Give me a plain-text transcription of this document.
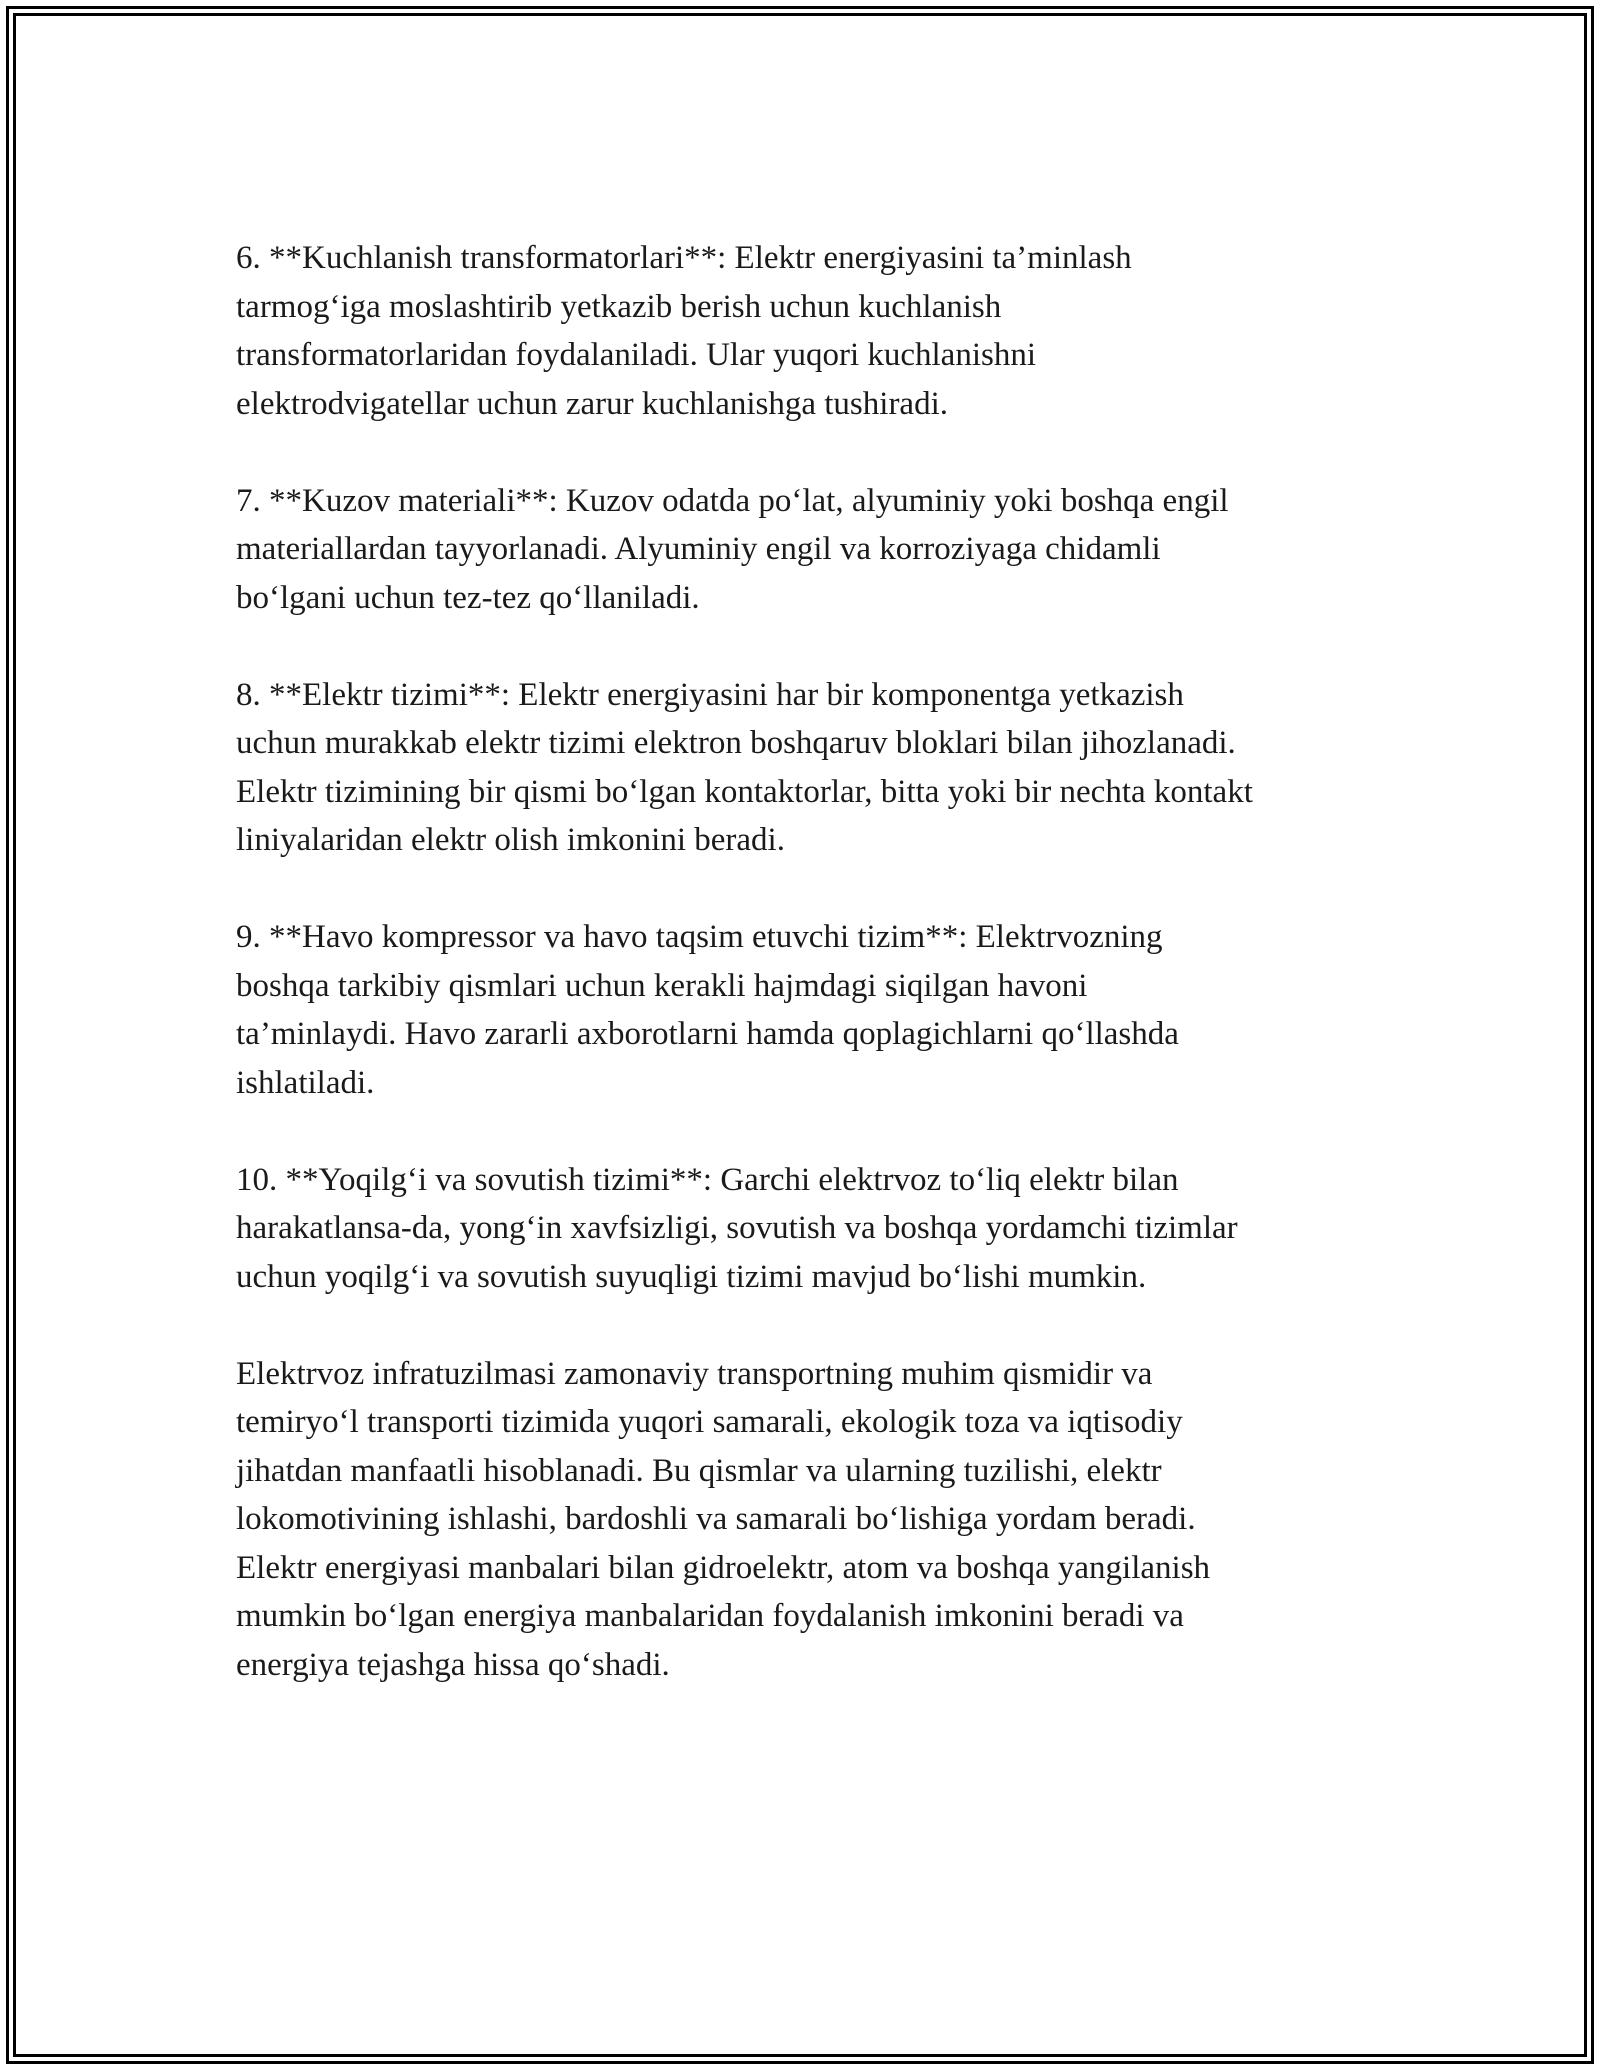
6. **Kuchlanish transformatorlari**: Elektr energiyasini ta’minlash
tarmog‘iga moslashtirib yetkazib berish uchun kuchlanish
transformatorlaridan foydalaniladi. Ular yuqori kuchlanishni
elektrodvigatellar uchun zarur kuchlanishga tushiradi.

7. **Kuzov materiali**: Kuzov odatda po‘lat, alyuminiy yoki boshqa engil
materiallardan tayyorlanadi. Alyuminiy engil va korroziyaga chidamli
bo‘lgani uchun tez-tez qo‘llaniladi.

8. **Elektr tizimi**: Elektr energiyasini har bir komponentga yetkazish
uchun murakkab elektr tizimi elektron boshqaruv bloklari bilan jihozlanadi.
Elektr tizimining bir qismi bo‘lgan kontaktorlar, bitta yoki bir nechta kontakt
liniyalaridan elektr olish imkonini beradi.

9. **Havo kompressor va havo taqsim etuvchi tizim**: Elektrvozning
boshqa tarkibiy qismlari uchun kerakli hajmdagi siqilgan havoni
ta’minlaydi. Havo zararli axborotlarni hamda qoplagichlarni qo‘llashda
ishlatiladi.

10. **Yoqilg‘i va sovutish tizimi**: Garchi elektrvoz to‘liq elektr bilan
harakatlansa-da, yong‘in xavfsizligi, sovutish va boshqa yordamchi tizimlar
uchun yoqilg‘i va sovutish suyuqligi tizimi mavjud bo‘lishi mumkin.

Elektrvoz infratuzilmasi zamonaviy transportning muhim qismidir va
temiryo‘l transporti tizimida yuqori samarali, ekologik toza va iqtisodiy
jihatdan manfaatli hisoblanadi. Bu qismlar va ularning tuzilishi, elektr
lokomotivining ishlashi, bardoshli va samarali bo‘lishiga yordam beradi.
Elektr energiyasi manbalari bilan gidroelektr, atom va boshqa yangilanish
mumkin bo‘lgan energiya manbalaridan foydalanish imkonini beradi va
energiya tejashga hissa qo‘shadi.
